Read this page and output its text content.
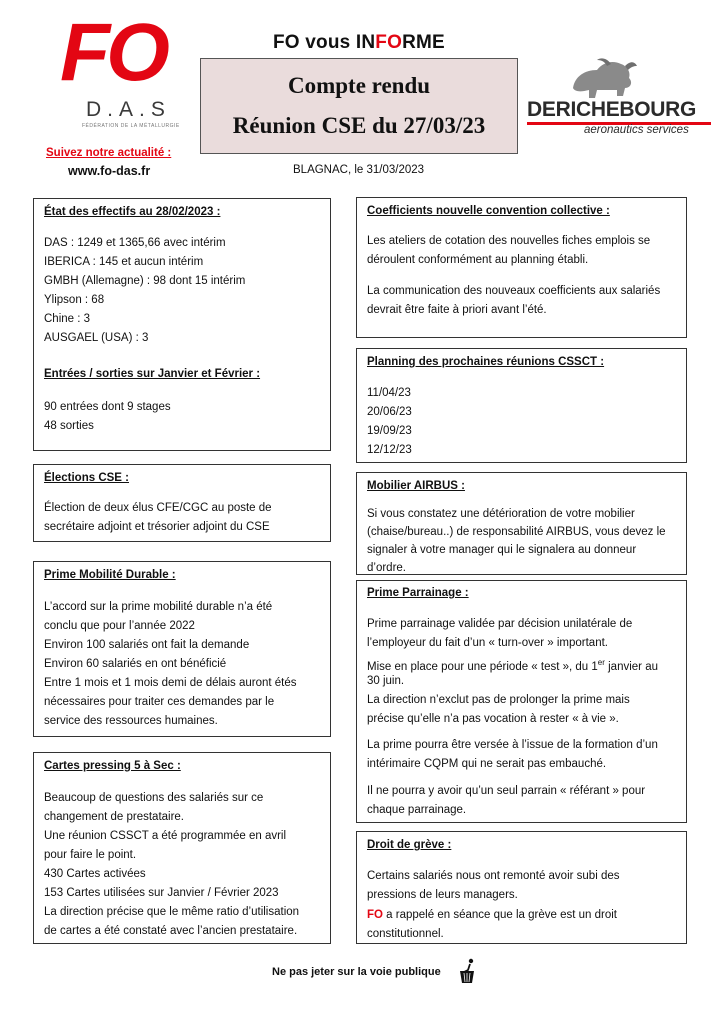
FO
D.A.S
FÉDÉRATION DE LA MÉTALLURGIE
Suivez notre actualité :
www.fo-das.fr
FO vous INFORME
Compte rendu
Réunion CSE du 27/03/23
DERICHEBOURG
aeronautics services
BLAGNAC, le 31/03/2023
État des effectifs au 28/02/2023 :
DAS : 1249 et 1365,66 avec intérim
IBERICA : 145 et aucun intérim
GMBH (Allemagne) : 98 dont 15 intérim
Ylipson : 68
Chine : 3
AUSGAEL (USA) : 3
Entrées / sorties sur Janvier et Février :
90 entrées dont 9 stages
48 sorties
Élections CSE :
Élection de deux élus CFE/CGC au poste de
secrétaire adjoint et trésorier adjoint du CSE
Prime Mobilité Durable :
L’accord sur la prime mobilité durable n’a été
conclu que pour l’année 2022
Environ 100 salariés ont fait la demande
Environ 60 salariés en ont bénéficié
Entre 1 mois et 1 mois demi de délais auront étés
nécessaires pour traiter ces demandes par le
service des ressources humaines.
Cartes pressing 5 à Sec :
Beaucoup de questions des salariés sur ce
changement de prestataire.
Une réunion CSSCT a été programmée en avril
pour faire le point.
430 Cartes activées
153 Cartes utilisées sur Janvier / Février 2023
La direction précise que le même ratio d’utilisation
de cartes a été constaté avec l’ancien prestataire.
Coefficients nouvelle convention collective :
Les ateliers de cotation des nouvelles fiches emplois se
déroulent conformément au planning établi.
La communication des nouveaux coefficients aux salariés
devrait être faite à priori avant l’été.
Planning des prochaines réunions CSSCT :
11/04/23
20/06/23
19/09/23
12/12/23
Mobilier AIRBUS :
Si vous constatez une détérioration de votre mobilier
(chaise/bureau..) de responsabilité AIRBUS, vous devez le
signaler à votre manager qui le signalera au donneur
d’ordre.
Prime Parrainage :
Prime parrainage validée par décision unilatérale de
l’employeur du fait d’un « turn-over » important.
Mise en place pour une période « test », du 1er janvier au
30 juin.
La direction n’exclut pas de prolonger la prime mais
précise qu’elle n’a pas vocation à rester « à vie ».
La prime pourra être versée à l’issue de la formation d’un
intérimaire CQPM qui ne serait pas embauché.
Il ne pourra y avoir qu’un seul parrain « référant » pour
chaque parrainage.
Droit de grève :
Certains salariés nous ont remonté avoir subi des
pressions de leurs managers.
FO a rappelé en séance que la grève est un droit
constitutionnel.
Ne pas jeter sur la voie publique
